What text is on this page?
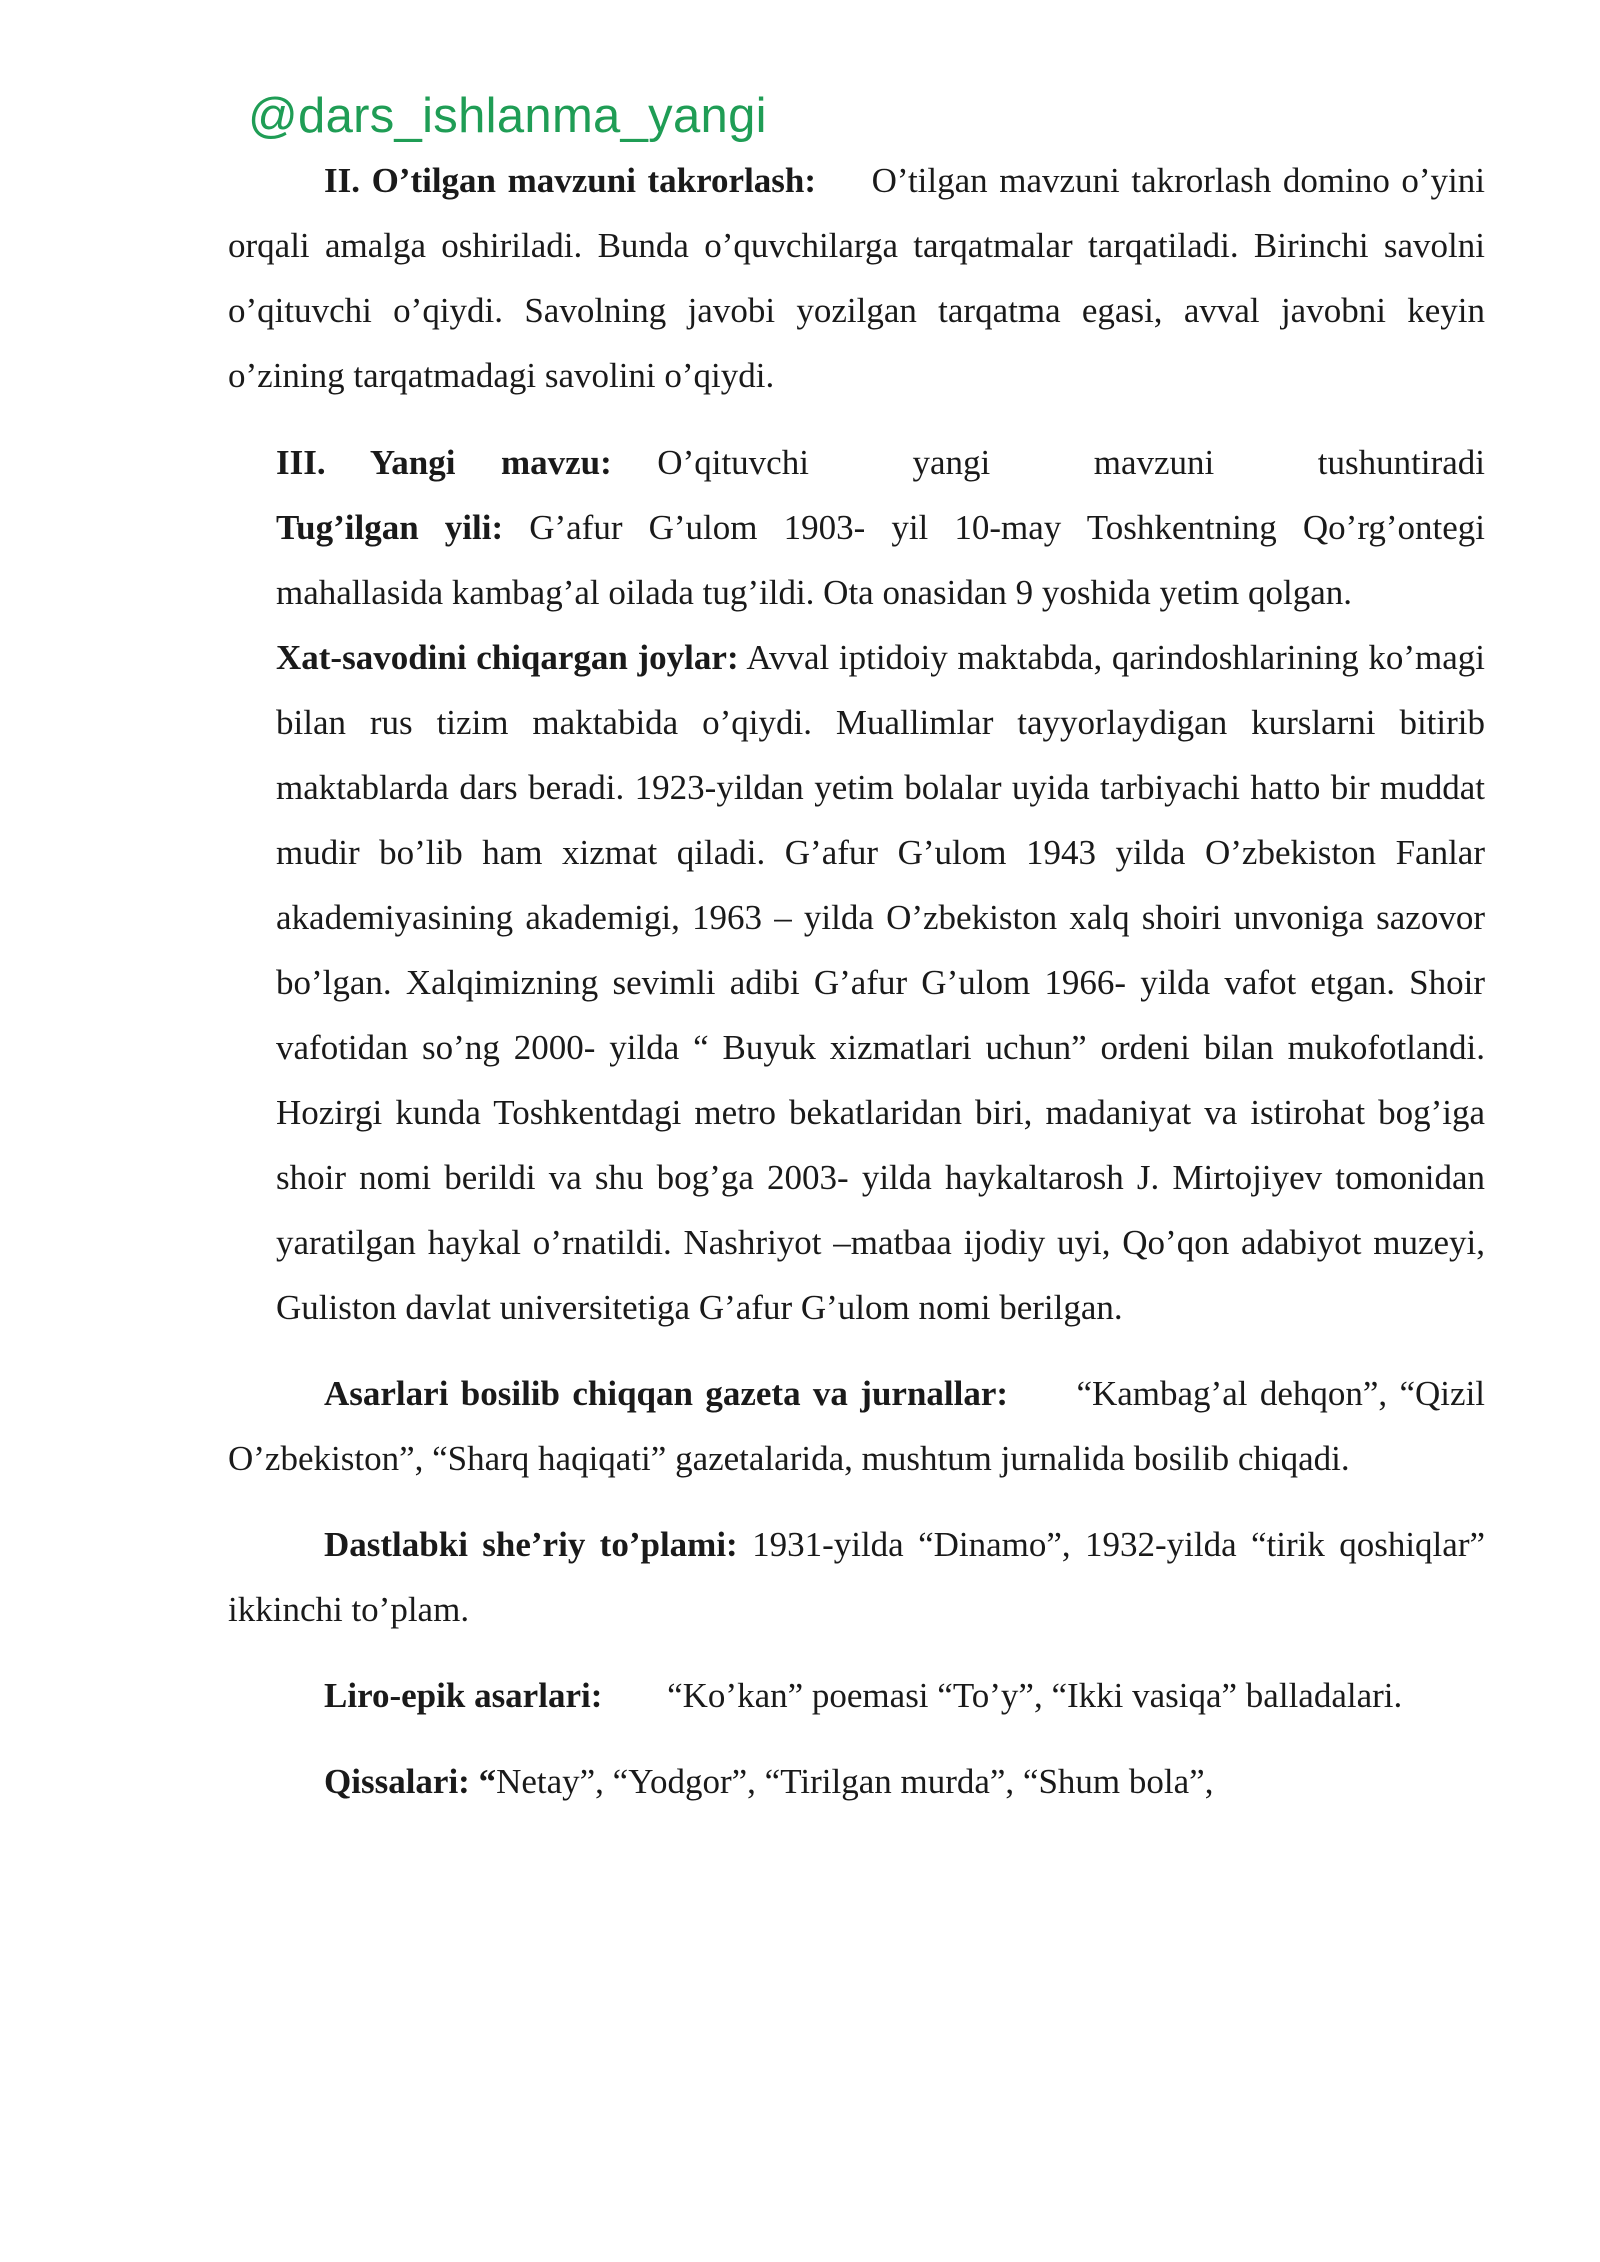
@dars_ishlanma_yangi

II. O’tilgan mavzuni takrorlash: O’tilgan mavzuni takrorlash domino o’yini orqali amalga oshiriladi. Bunda o’quvchilarga tarqatmalar tarqatiladi. Birinchi savolni o’qituvchi o’qiydi. Savolning javobi yozilgan tarqatma egasi, avval javobni keyin o’zining tarqatmadagi savolini o’qiydi.

III. Yangi mavzu: O’qituvchi yangi mavzuni tushuntiradi

Tug’ilgan yili: G’afur G’ulom 1903- yil 10-may Toshkentning Qo’rg’ontegi mahallasida kambag’al oilada tug’ildi. Ota onasidan 9 yoshida yetim qolgan.

Xat-savodini chiqargan joylar: Avval iptidoiy maktabda, qarindoshlarining ko’magi bilan rus tizim maktabida o’qiydi. Muallimlar tayyorlaydigan kurslarni bitirib maktablarda dars beradi. 1923-yildan yetim bolalar uyida tarbiyachi hatto bir muddat mudir bo’lib ham xizmat qiladi. G’afur G’ulom 1943 yilda O’zbekiston Fanlar akademiyasining akademigi, 1963 – yilda O’zbekiston xalq shoiri unvoniga sazovor bo’lgan. Xalqimizning sevimli adibi G’afur G’ulom 1966- yilda vafot etgan. Shoir vafotidan so’ng 2000- yilda “ Buyuk xizmatlari uchun” ordeni bilan mukofotlandi. Hozirgi kunda Toshkentdagi metro bekatlaridan biri, madaniyat va istirohat bog’iga shoir nomi berildi va shu bog’ga 2003- yilda haykaltarosh J. Mirtojiyev tomonidan yaratilgan haykal o’rnatildi. Nashriyot –matbaa ijodiy uyi, Qo’qon adabiyot muzeyi, Guliston davlat universitetiga G’afur G’ulom nomi berilgan.

Asarlari bosilib chiqqan gazeta va jurnallar: “Kambag’al dehqon”, “Qizil O’zbekiston”, “Sharq haqiqati” gazetalarida, mushtum jurnalida bosilib chiqadi.

Dastlabki she’riy to’plami: 1931-yilda “Dinamo”, 1932-yilda “tirik qoshiqlar” ikkinchi to’plam.

Liro-epik asarlari: “Ko’kan” poemasi “To’y”, “Ikki vasiqa” balladalari.

Qissalari: “Netay”, “Yodgor”, “Tirilgan murda”, “Shum bola”,
